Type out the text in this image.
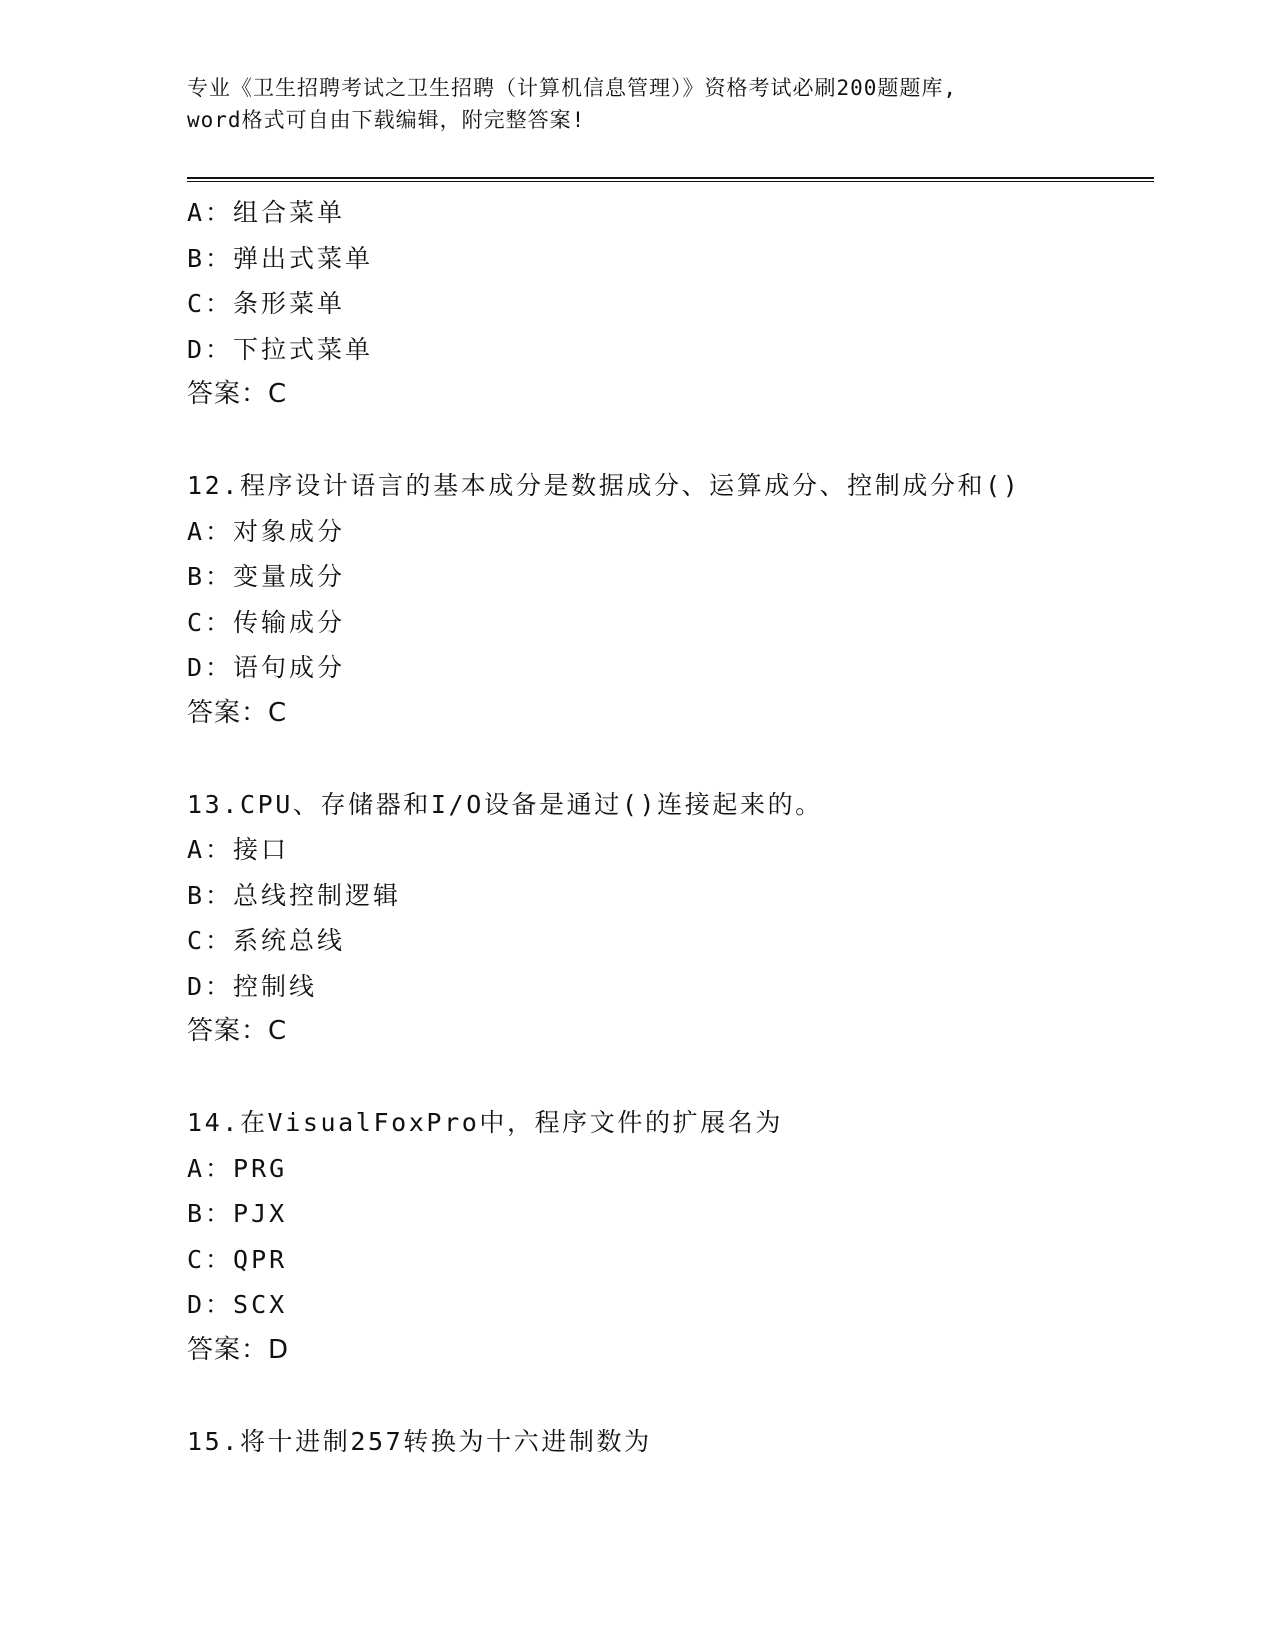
专业《卫生招聘考试之卫生招聘（计算机信息管理）》资格考试必刷200题题库,
word格式可自由下载编辑，附完整答案!
A：组合菜单
B：弹出式菜单
C：条形菜单
D：下拉式菜单
答案：C
12.程序设计语言的基本成分是数据成分、运算成分、控制成分和()
A：对象成分
B：变量成分
C：传输成分
D：语句成分
答案：C
13.CPU、存储器和I/O设备是通过()连接起来的。
A：接口
B：总线控制逻辑
C：系统总线
D：控制线
答案：C
14.在VisualFoxPro中，程序文件的扩展名为
A：PRG
B：PJX
C：QPR
D：SCX
答案：D
15.将十进制257转换为十六进制数为
